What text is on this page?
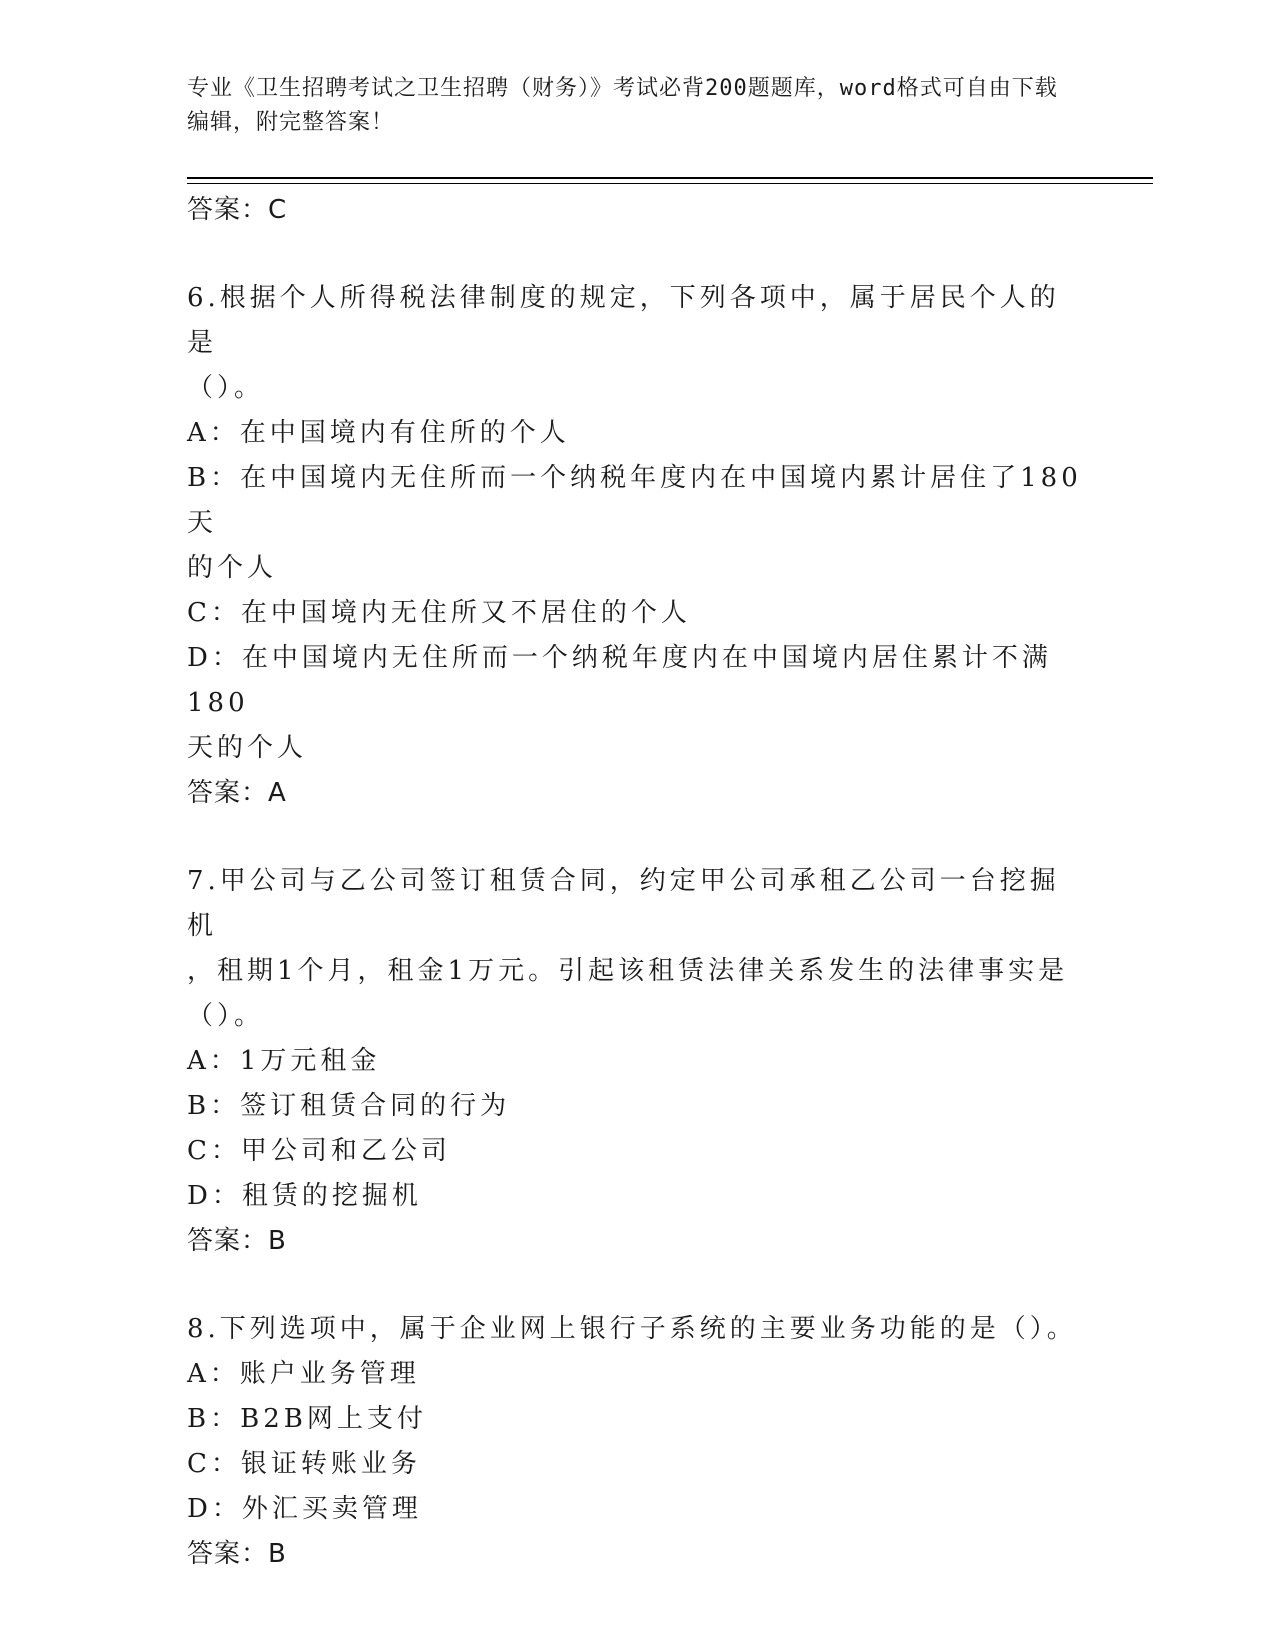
专业《卫生招聘考试之卫生招聘（财务）》考试必背200题题库，word格式可自由下载编辑，附完整答案！
答案：C
6.根据个人所得税法律制度的规定，下列各项中，属于居民个人的是
（）。
A：在中国境内有住所的个人
B：在中国境内无住所而一个纳税年度内在中国境内累计居住了180天
的个人
C：在中国境内无住所又不居住的个人
D：在中国境内无住所而一个纳税年度内在中国境内居住累计不满180
天的个人
答案：A
7.甲公司与乙公司签订租赁合同，约定甲公司承租乙公司一台挖掘机
，租期1个月，租金1万元。引起该租赁法律关系发生的法律事实是
（）。
A：1万元租金
B：签订租赁合同的行为
C：甲公司和乙公司
D：租赁的挖掘机
答案：B
8.下列选项中，属于企业网上银行子系统的主要业务功能的是（）。
A：账户业务管理
B：B2B网上支付
C：银证转账业务
D：外汇买卖管理
答案：B
